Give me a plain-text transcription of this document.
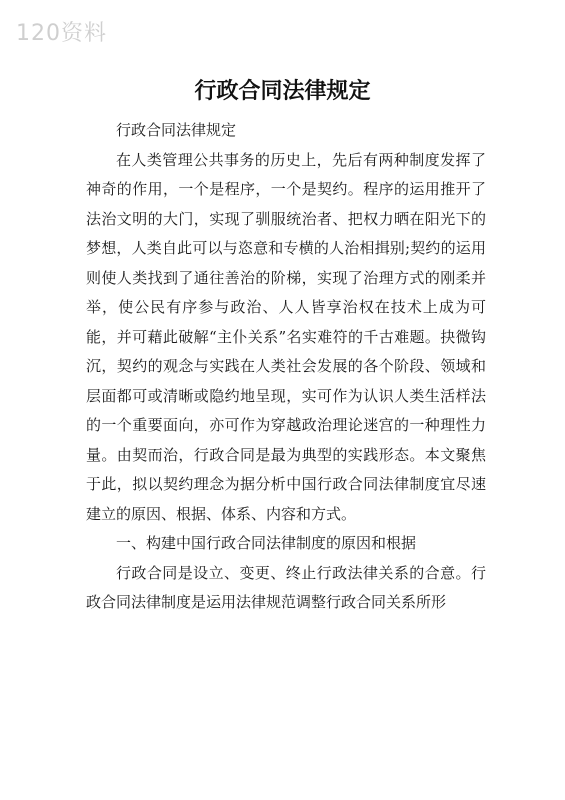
120资料
行政合同法律规定

行政合同法律规定

在人类管理公共事务的历史上，先后有两种制度发挥了神奇的作用，一个是程序，一个是契约。程序的运用推开了法治文明的大门，实现了驯服统治者、把权力晒在阳光下的梦想，人类自此可以与恣意和专横的人治相揖别;契约的运用则使人类找到了通往善治的阶梯，实现了治理方式的刚柔并举，使公民有序参与政治、人人皆享治权在技术上成为可能，并可藉此破解“主仆关系”名实难符的千古难题。抉微钩沉，契约的观念与实践在人类社会发展的各个阶段、领域和层面都可或清晰或隐约地呈现，实可作为认识人类生活样法的一个重要面向，亦可作为穿越政治理论迷宫的一种理性力量。由契而治，行政合同是最为典型的实践形态。本文聚焦于此，拟以契约理念为据分析中国行政合同法律制度宜尽速建立的原因、根据、体系、内容和方式。

一、构建中国行政合同法律制度的原因和根据

行政合同是设立、变更、终止行政法律关系的合意。行政合同法律制度是运用法律规范调整行政合同关系所形
